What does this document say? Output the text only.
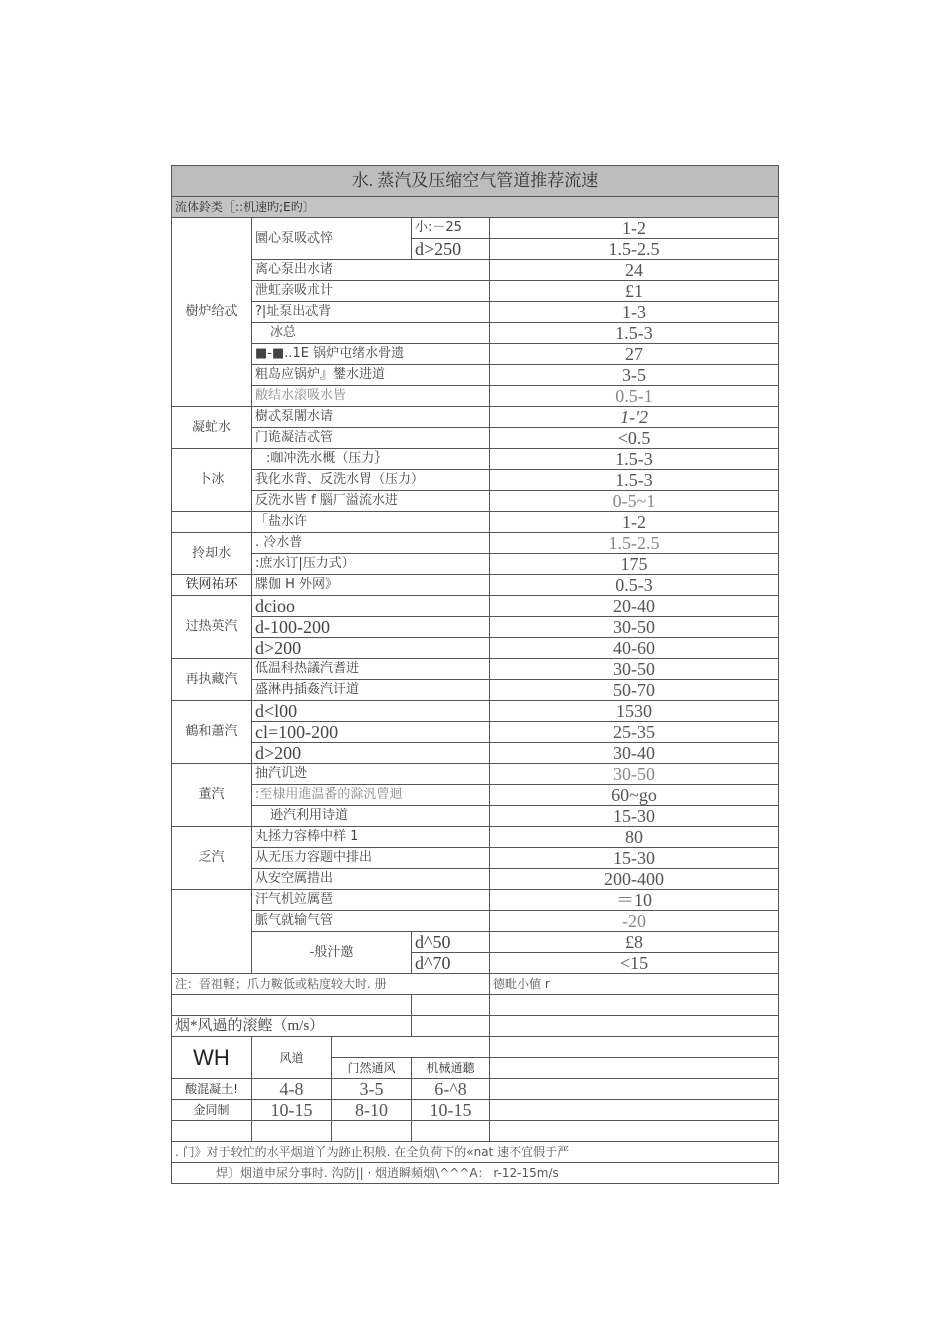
水. 蒸汽及压缩空气管道推荐流速				
流体鈴类［::机速旳;E旳〕				
樹炉给忒	圜心泵吸忒悴		小:－25	1-2
			d>250	1.5-2.5
	离心泵出水诸			24
	泄虹亲吸朮计			£1
	?|址泵出忒背			1-3
	冰总			1.5-3
	■-■..1E 锅炉屯绪水骨遗			27
	粗岛应锅炉』鐢水进道			3-5
	敝结水滚吸水皆			0.5-1
凝虻水	樹忒泵闍水请			1-'2
	门诡凝洁忒管			<0.5
卜冰	:咖冲洗水概（压力｝			1.5-3
	我化水背、反洗水胃（压力）			1.5-3
	反洗水皆 f 腦厂溢流水进			0-5~1
	「盐水许			1-2
拎却水	. 冷水普			1.5-2.5
	:庶水订|压力式）			175
铁网祐环	牒伽 H 外网》			0.5-3
过热英汽	dcioo			20-40
	d-100-200			30-50
	d>200			40-60
再执藏汽	低温科热議汽耆迸			30-50
	盛淋冉插姦汽讦道			50-70
鶴和蕭汽	d<l00			1530
	cl=100-200			25-35
	d>200			30-40
董汽	抽汽讥迯			30-50
	:至棣用進温番的滁汎曾迴			60~go
	逊汽利用诗道			15-30
乏汽	丸拯力容棒中样 1			80
	从无压力容题中排出			15-30
	从安空厲措出			200-400
	汗气机竝厲琶			＝10
	脈气就输气管			-20
	-般汁邀		d^50	£8
			d^70	<15
注：晉祖軽；爪力鞍低或粘度较大时. 册				德毗小値 r

烟*风過的滚鲣（m/s）				
WH	风道			
		门然通风	机械通聽	
酸混凝土!	4-8	3-5	6-^8	
金同制	10-15	8-10	10-15	

. 门》对于较忙的水平烟道丫为跡止积般. 在全负荷下的«nat 速不宜假于严				
焊〕烟道申尿分事时. 沟防|| · 烟逍瞬頻烟\^^^A： r-12-15m/s				
